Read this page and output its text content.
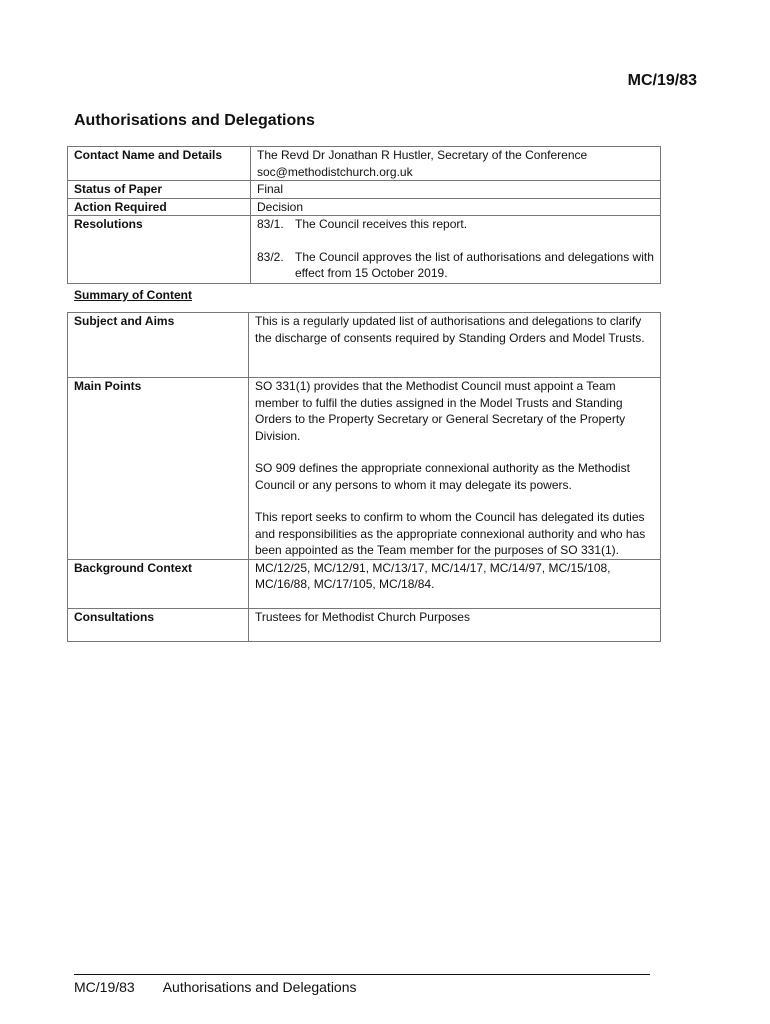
MC/19/83
Authorisations and Delegations
Contact Name and Details	The Revd Dr Jonathan R Hustler, Secretary of the Conference
soc@methodistchurch.org.uk

Status of Paper	Final
Action Required	Decision
Resolutions	83/1. The Council receives this report.
83/2. The Council approves the list of authorisations and delegations with effect from 15 October 2019.
Summary of Content
Subject and Aims	This is a regularly updated list of authorisations and delegations to clarify the discharge of consents required by Standing Orders and Model Trusts.

Main Points	SO 331(1) provides that the Methodist Council must appoint a Team member to fulfil the duties assigned in the Model Trusts and Standing Orders to the Property Secretary or General Secretary of the Property Division.

SO 909 defines the appropriate connexional authority as the Methodist Council or any persons to whom it may delegate its powers.

This report seeks to confirm to whom the Council has delegated its duties and responsibilities as the appropriate connexional authority and who has been appointed as the Team member for the purposes of SO 331(1).

Background Context	MC/12/25, MC/12/91, MC/13/17, MC/14/17, MC/14/97, MC/15/108, MC/16/88, MC/17/105, MC/18/84.

Consultations	Trustees for Methodist Church Purposes

MC/19/83 Authorisations and Delegations
